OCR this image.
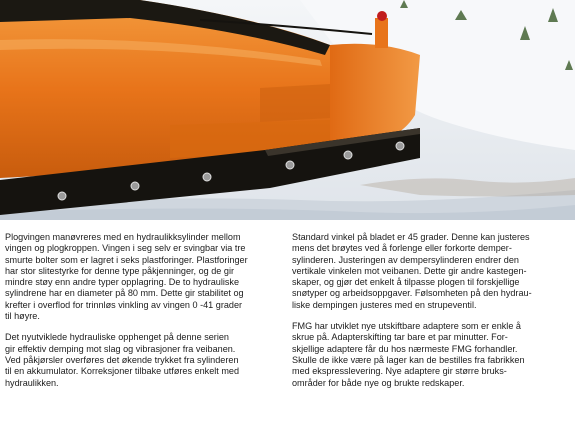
Plogvingen manøvreres med en hydraulikksylinder mellom
vingen og plogkroppen. Vingen i seg selv er svingbar via tre
smurte bolter som er lagret i seks plastforinger. Plastforinger
har stor slitestyrke for denne type påkjenninger, og de gir
mindre støy enn andre typer opplagring. De to hydrauliske
sylindrene har en diameter på 80 mm. Dette gir stabilitet og
krefter i overflod for trinnløs vinkling av vingen 0 -41 grader
til høyre.

Det nyutviklede hydrauliske opphenget på denne serien
gir effektiv demping mot slag og vibrasjoner fra veibanen.
Ved påkjørsler overføres det økende trykket fra sylinderen
til en akkumulator. Korreksjoner tilbake utføres enkelt med
hydraulikken.

Standard vinkel på bladet er 45 grader. Denne kan justeres
mens det brøytes ved å forlenge eller forkorte demper-
sylinderen. Justeringen av dempersylinderen endrer den
vertikale vinkelen mot veibanen. Dette gir andre kastegen-
skaper, og gjør det enkelt å tilpasse plogen til forskjellige
snøtyper og arbeidsoppgaver. Følsomheten på den hydrau-
liske dempingen justeres med en strupeventil.

FMG har utviklet nye utskiftbare adaptere som er enkle å
skrue på. Adapterskifting tar bare et par minutter. For-
skjellige adaptere får du hos nærmeste FMG forhandler.
Skulle de ikke være på lager kan de bestilles fra fabrikken
med ekspresslevering. Nye adaptere gir større bruks-
områder for både nye og brukte redskaper.
